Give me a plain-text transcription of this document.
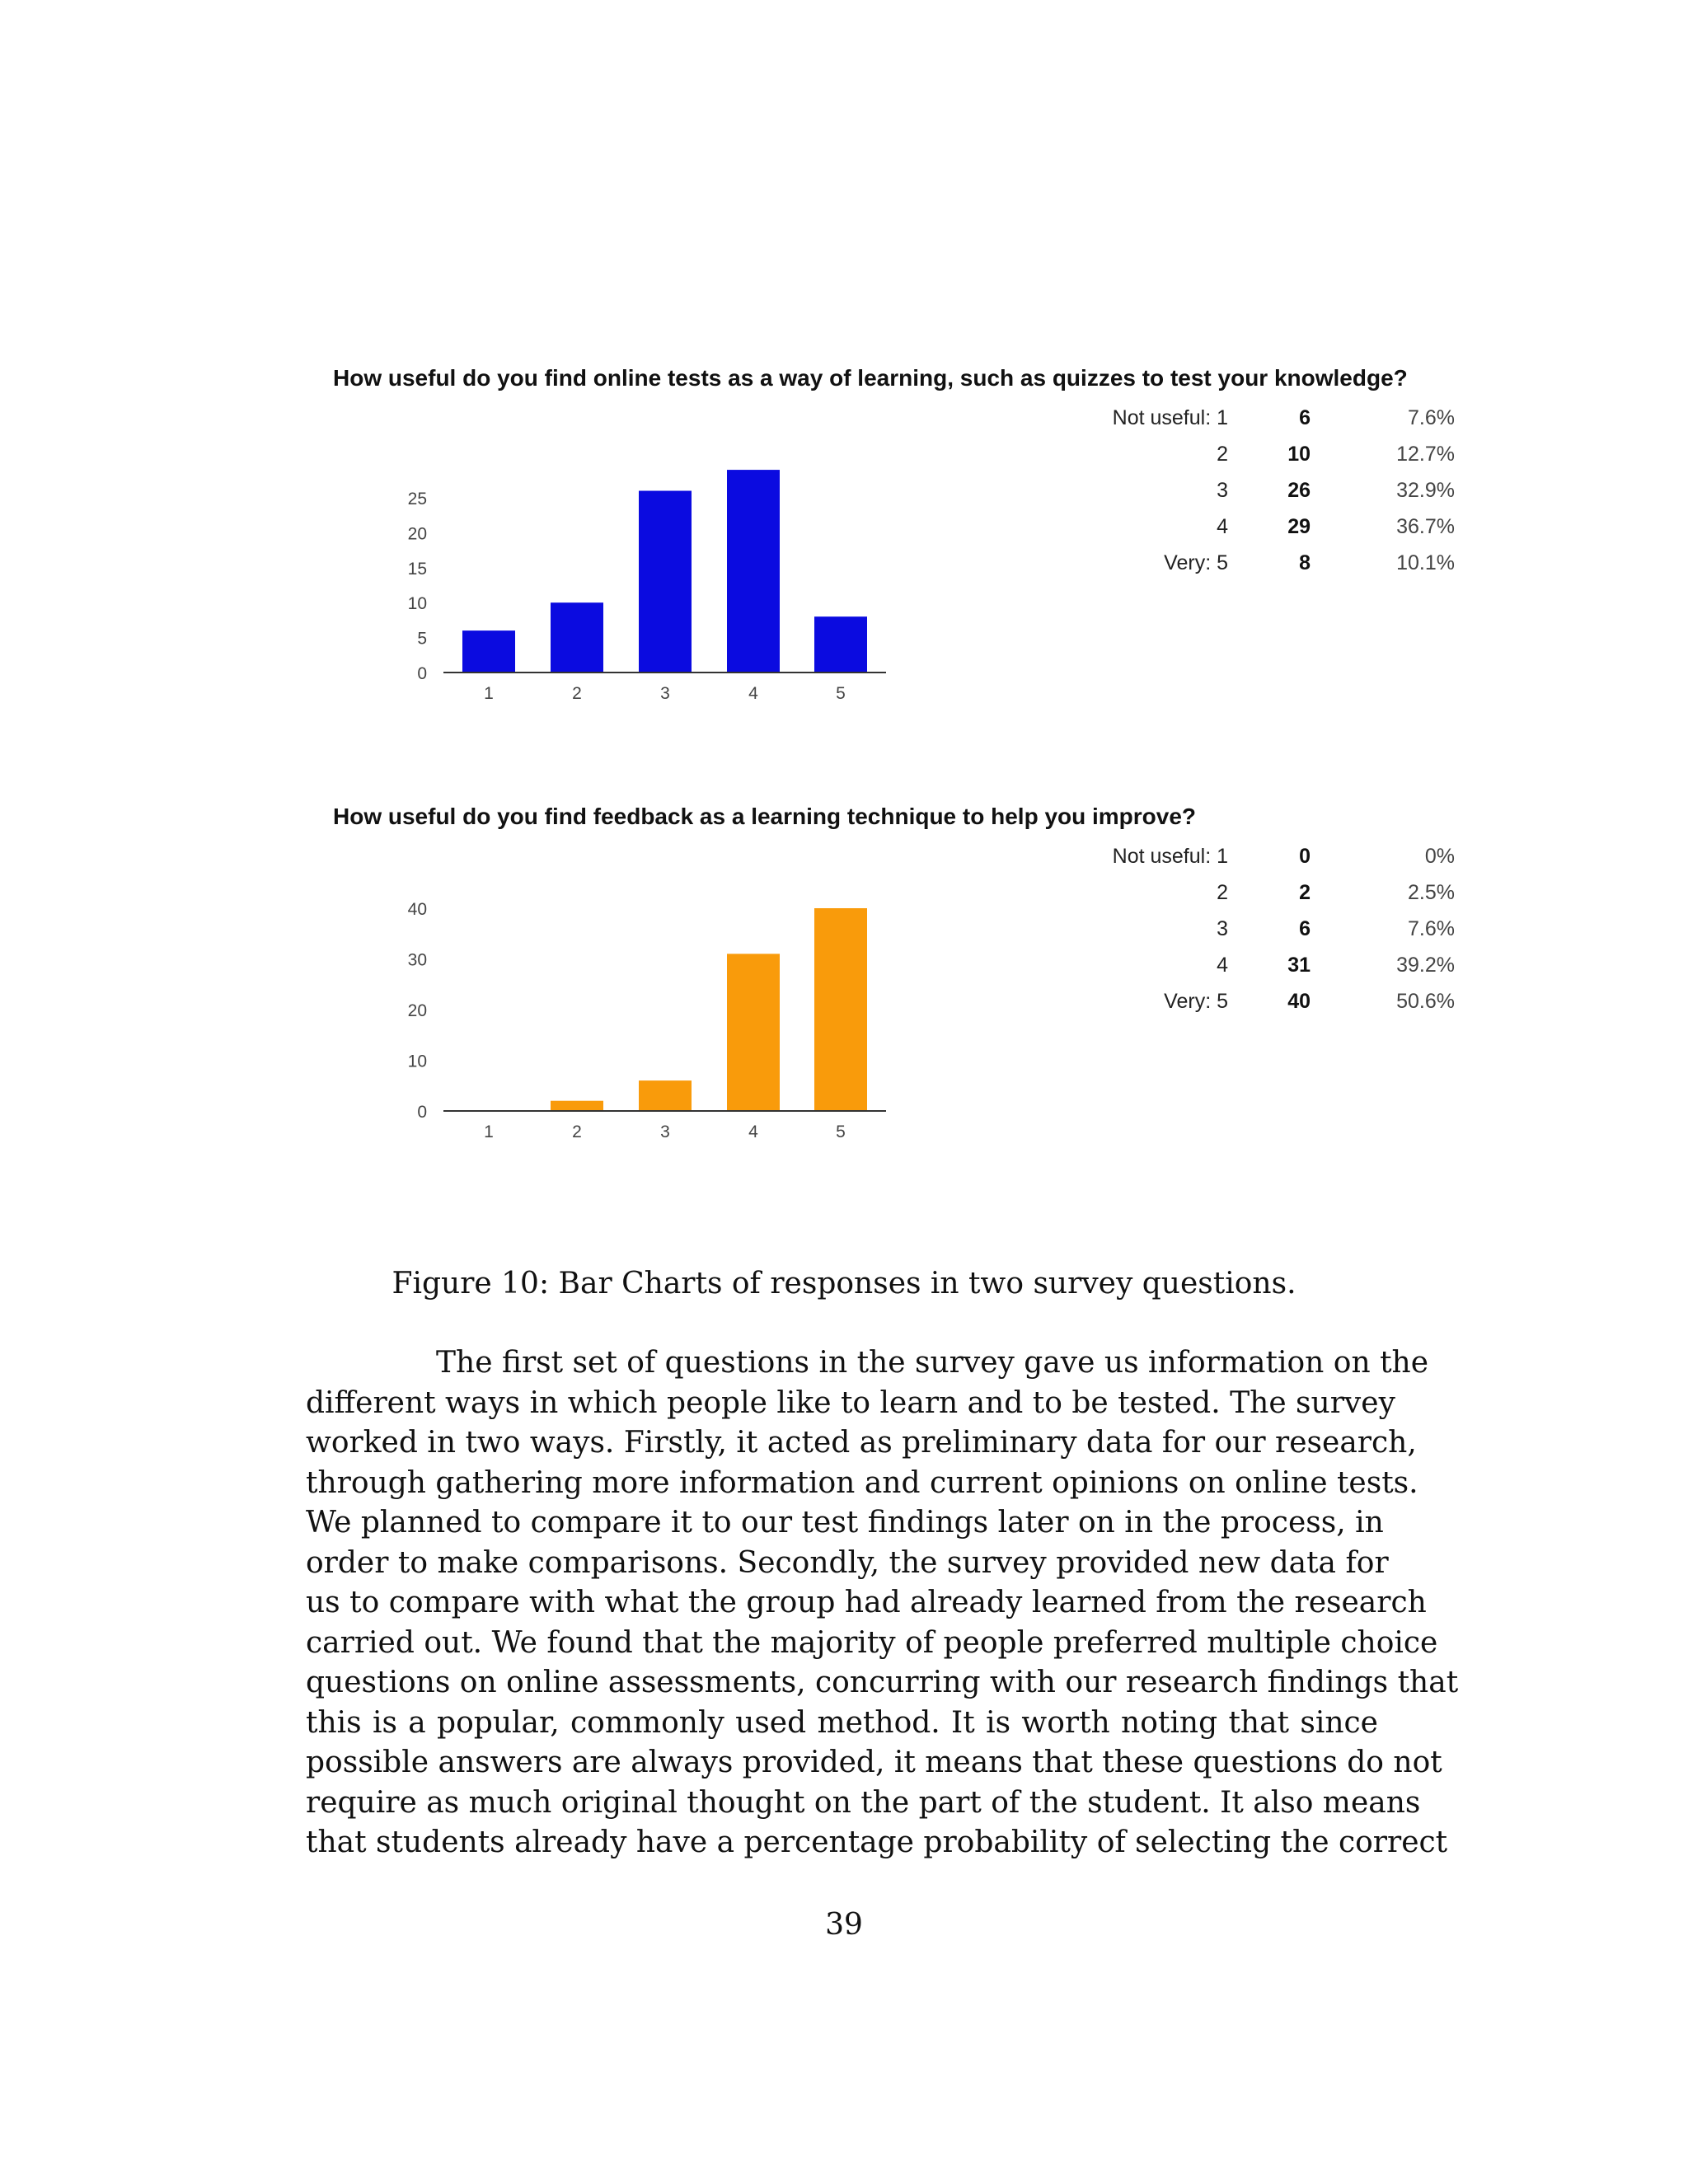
How useful do you find online tests as a way of learning, such as quizzes to test your knowledge?
0
5
10
15
20
25
1	2	3	4	5
Not useful: 1	6	7.6%
2	10	12.7%
3	26	32.9%
4	29	36.7%
Very: 5	8	10.1%
How useful do you find feedback as a learning technique to help you improve?
0
10
20
30
40
1	2	3	4	5
Not useful: 1	0	0%
2	2	2.5%
3	6	7.6%
4	31	39.2%
Very: 5	40	50.6%
Figure 10: Bar Charts of responses in two survey questions.
The first set of questions in the survey gave us information on the
different ways in which people like to learn and to be tested. The survey
worked in two ways. Firstly, it acted as preliminary data for our research,
through gathering more information and current opinions on online tests.
We planned to compare it to our test findings later on in the process, in
order to make comparisons. Secondly, the survey provided new data for
us to compare with what the group had already learned from the research
carried out. We found that the majority of people preferred multiple choice
questions on online assessments, concurring with our research findings that
this is a popular, commonly used method. It is worth noting that since
possible answers are always provided, it means that these questions do not
require as much original thought on the part of the student. It also means
that students already have a percentage probability of selecting the correct
39
